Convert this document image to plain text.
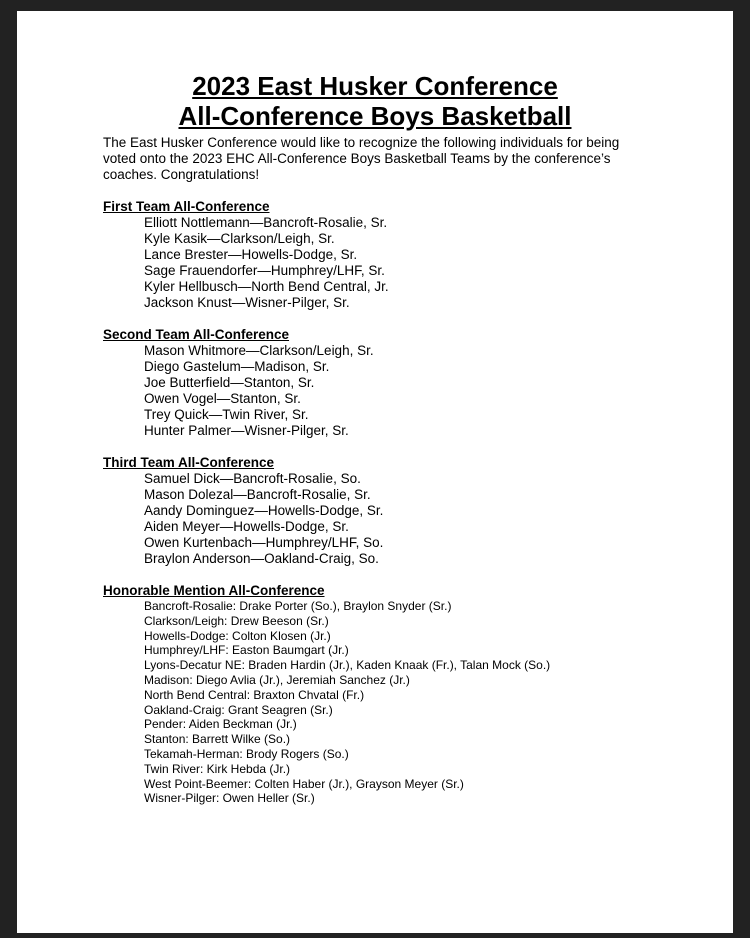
2023 East Husker Conference
All-Conference Boys Basketball
The East Husker Conference would like to recognize the following individuals for being voted onto the 2023 EHC All-Conference Boys Basketball Teams by the conference’s coaches. Congratulations!
First Team All-Conference
Elliott Nottlemann—Bancroft-Rosalie, Sr.
Kyle Kasik—Clarkson/Leigh, Sr.
Lance Brester—Howells-Dodge, Sr.
Sage Frauendorfer—Humphrey/LHF, Sr.
Kyler Hellbusch—North Bend Central, Jr.
Jackson Knust—Wisner-Pilger, Sr.
Second Team All-Conference
Mason Whitmore—Clarkson/Leigh, Sr.
Diego Gastelum—Madison, Sr.
Joe Butterfield—Stanton, Sr.
Owen Vogel—Stanton, Sr.
Trey Quick—Twin River, Sr.
Hunter Palmer—Wisner-Pilger, Sr.
Third Team All-Conference
Samuel Dick—Bancroft-Rosalie, So.
Mason Dolezal—Bancroft-Rosalie, Sr.
Aandy Dominguez—Howells-Dodge, Sr.
Aiden Meyer—Howells-Dodge, Sr.
Owen Kurtenbach—Humphrey/LHF, So.
Braylon Anderson—Oakland-Craig, So.
Honorable Mention All-Conference
Bancroft-Rosalie: Drake Porter (So.), Braylon Snyder (Sr.)
Clarkson/Leigh: Drew Beeson (Sr.)
Howells-Dodge: Colton Klosen (Jr.)
Humphrey/LHF: Easton Baumgart (Jr.)
Lyons-Decatur NE: Braden Hardin (Jr.), Kaden Knaak (Fr.), Talan Mock (So.)
Madison: Diego Avlia (Jr.), Jeremiah Sanchez (Jr.)
North Bend Central: Braxton Chvatal (Fr.)
Oakland-Craig: Grant Seagren (Sr.)
Pender: Aiden Beckman (Jr.)
Stanton: Barrett Wilke (So.)
Tekamah-Herman: Brody Rogers (So.)
Twin River: Kirk Hebda (Jr.)
West Point-Beemer: Colten Haber (Jr.), Grayson Meyer (Sr.)
Wisner-Pilger: Owen Heller (Sr.)
